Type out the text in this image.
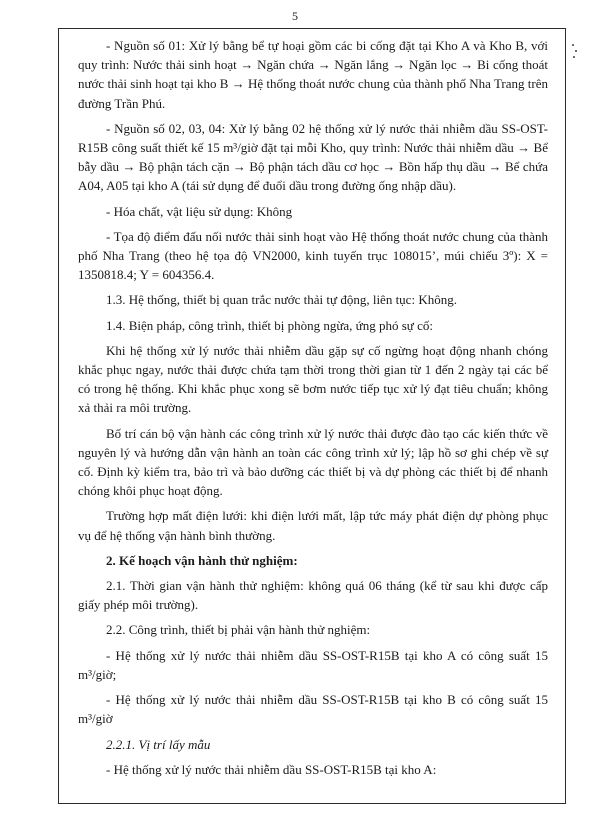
5

- Nguồn số 01: Xử lý bằng bể tự hoại gồm các bi cống đặt tại Kho A và Kho B, với quy trình: Nước thải sinh hoạt → Ngăn chứa → Ngăn lắng → Ngăn lọc → Bi cống thoát nước thải sinh hoạt tại kho B → Hệ thống thoát nước chung của thành phố Nha Trang trên đường Trần Phú.

- Nguồn số 02, 03, 04: Xử lý bằng 02 hệ thống xử lý nước thải nhiễm dầu SS-OST-R15B công suất thiết kế 15 m³/giờ đặt tại mỗi Kho, quy trình: Nước thải nhiễm dầu → Bể bẫy dầu → Bộ phận tách cặn → Bộ phận tách dầu cơ học → Bồn hấp thụ dầu → Bể chứa A04, A05 tại kho A (tái sử dụng để đuổi dầu trong đường ống nhập dầu).

- Hóa chất, vật liệu sử dụng: Không

- Tọa độ điểm đấu nối nước thải sinh hoạt vào Hệ thống thoát nước chung của thành phố Nha Trang (theo hệ tọa độ VN2000, kinh tuyến trục 108015’, múi chiếu 3º): X = 1350818.4; Y = 604356.4.

1.3. Hệ thống, thiết bị quan trắc nước thải tự động, liên tục: Không.

1.4. Biện pháp, công trình, thiết bị phòng ngừa, ứng phó sự cố:

Khi hệ thống xử lý nước thải nhiễm dầu gặp sự cố ngừng hoạt động nhanh chóng khắc phục ngay, nước thải được chứa tạm thời trong thời gian từ 1 đến 2 ngày tại các bể có trong hệ thống. Khi khắc phục xong sẽ bơm nước tiếp tục xử lý đạt tiêu chuẩn; không xả thải ra môi trường.

Bố trí cán bộ vận hành các công trình xử lý nước thải được đào tạo các kiến thức về nguyên lý và hướng dẫn vận hành an toàn các công trình xử lý; lập hồ sơ ghi chép về sự cố. Định kỳ kiểm tra, bảo trì và bảo dưỡng các thiết bị và dự phòng các thiết bị để nhanh chóng khôi phục hoạt động.

Trường hợp mất điện lưới: khi điện lưới mất, lập tức máy phát điện dự phòng phục vụ để hệ thống vận hành bình thường.

2. Kế hoạch vận hành thử nghiệm:

2.1. Thời gian vận hành thử nghiệm: không quá 06 tháng (kể từ sau khi được cấp giấy phép môi trường).

2.2. Công trình, thiết bị phải vận hành thử nghiệm:

- Hệ thống xử lý nước thải nhiễm dầu SS-OST-R15B tại kho A có công suất 15 m³/giờ;

- Hệ thống xử lý nước thải nhiễm dầu SS-OST-R15B tại kho B có công suất 15 m³/giờ

2.2.1. Vị trí lấy mẫu

- Hệ thống xử lý nước thải nhiễm dầu SS-OST-R15B tại kho A:
